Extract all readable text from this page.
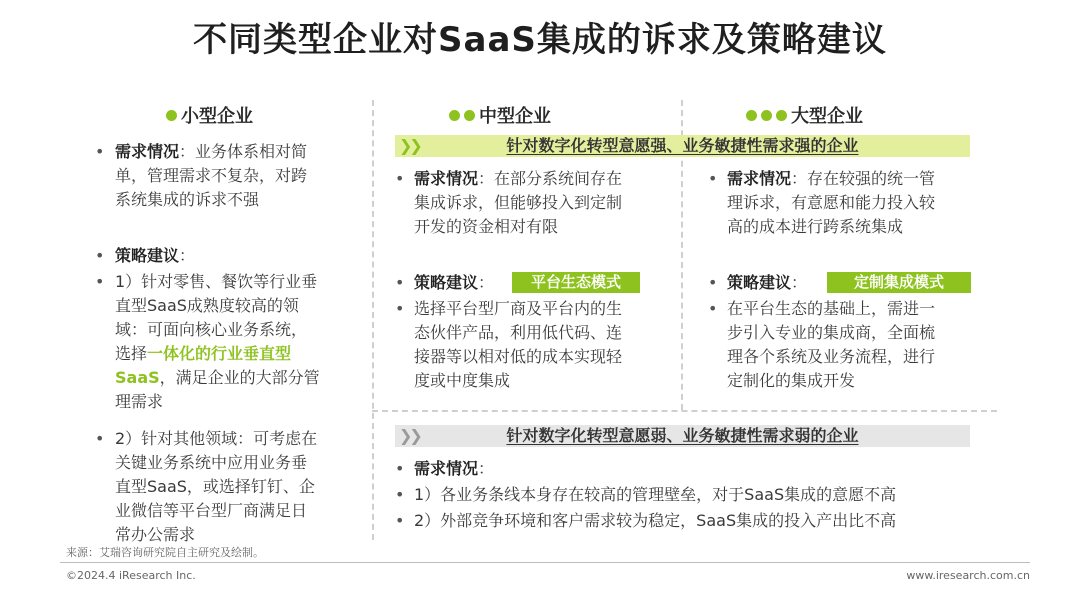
不同类型企业对SaaS集成的诉求及策略建议
小型企业	中型企业	大型企业
❯❯	针对数字化转型意愿强、业务敏捷性需求强的企业
• 需求情况：业务体系相对简
单，管理需求不复杂，对跨
系统集成的诉求不强
• 策略建议：
• 1）针对零售、餐饮等行业垂
直型SaaS成熟度较高的领
域：可面向核心业务系统，
选择一体化的行业垂直型
SaaS，满足企业的大部分管
理需求
• 2）针对其他领域：可考虑在
关键业务系统中应用业务垂
直型SaaS，或选择钉钉、企
业微信等平台型厂商满足日
常办公需求
• 需求情况：在部分系统间存在
集成诉求，但能够投入到定制
开发的资金相对有限
• 策略建议：	平台生态模式
• 选择平台型厂商及平台内的生
态伙伴产品，利用低代码、连
接器等以相对低的成本实现轻
度或中度集成
• 需求情况：存在较强的统一管
理诉求，有意愿和能力投入较
高的成本进行跨系统集成
• 策略建议：	定制集成模式
• 在平台生态的基础上，需进一
步引入专业的集成商，全面梳
理各个系统及业务流程，进行
定制化的集成开发
❯❯	针对数字化转型意愿弱、业务敏捷性需求弱的企业
• 需求情况：
• 1）各业务条线本身存在较高的管理壁垒，对于SaaS集成的意愿不高
• 2）外部竞争环境和客户需求较为稳定，SaaS集成的投入产出比不高
来源：艾瑞咨询研究院自主研究及绘制。
©2024.4 iResearch Inc.	www.iresearch.com.cn
